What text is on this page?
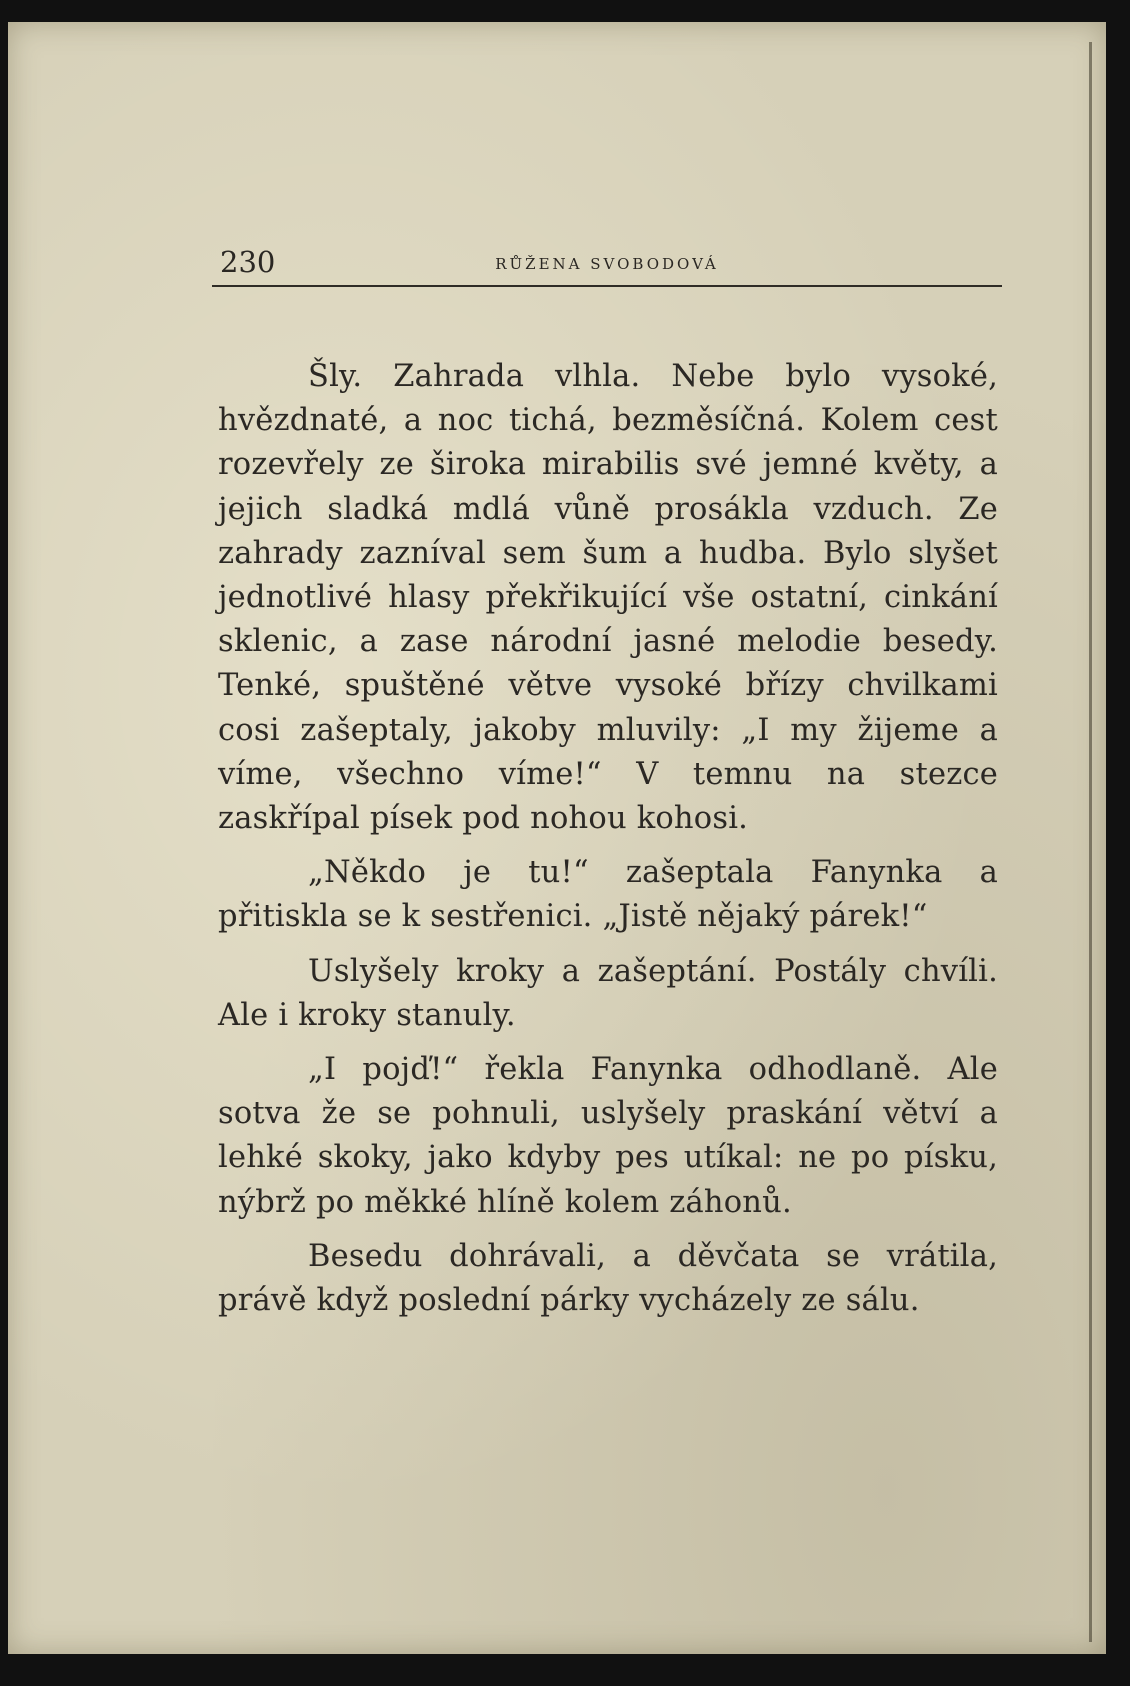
230	RŮŽENA SVOBODOVÁ

Šly. Zahrada vlhla. Nebe bylo vysoké, hvězdnaté, a noc tichá, bezměsíčná. Kolem cest rozevřely ze široka mirabilis své jemné květy, a jejich sladká mdlá vůně prosákla vzduch. Ze zahrady zazníval sem šum a hudba. Bylo slyšet jednotlivé hlasy překřikující vše ostatní, cinkání sklenic, a zase národní jasné melodie besedy. Tenké, spuštěné větve vysoké břízy chvilkami cosi zašeptaly, jakoby mluvily: „I my žijeme a víme, všechno víme!“ V temnu na stezce zaskřípal písek pod nohou kohosi.

„Někdo je tu!“ zašeptala Fanynka a přitiskla se k sestřenici. „Jistě nějaký párek!“

Uslyšely kroky a zašeptání. Postály chvíli. Ale i kroky stanuly.

„I pojď!“ řekla Fanynka odhodlaně. Ale sotva že se pohnuli, uslyšely praskání větví a lehké skoky, jako kdyby pes utíkal: ne po písku, nýbrž po měkké hlíně kolem záhonů.

Besedu dohrávali, a děvčata se vrátila, právě když poslední párky vycházely ze sálu.
